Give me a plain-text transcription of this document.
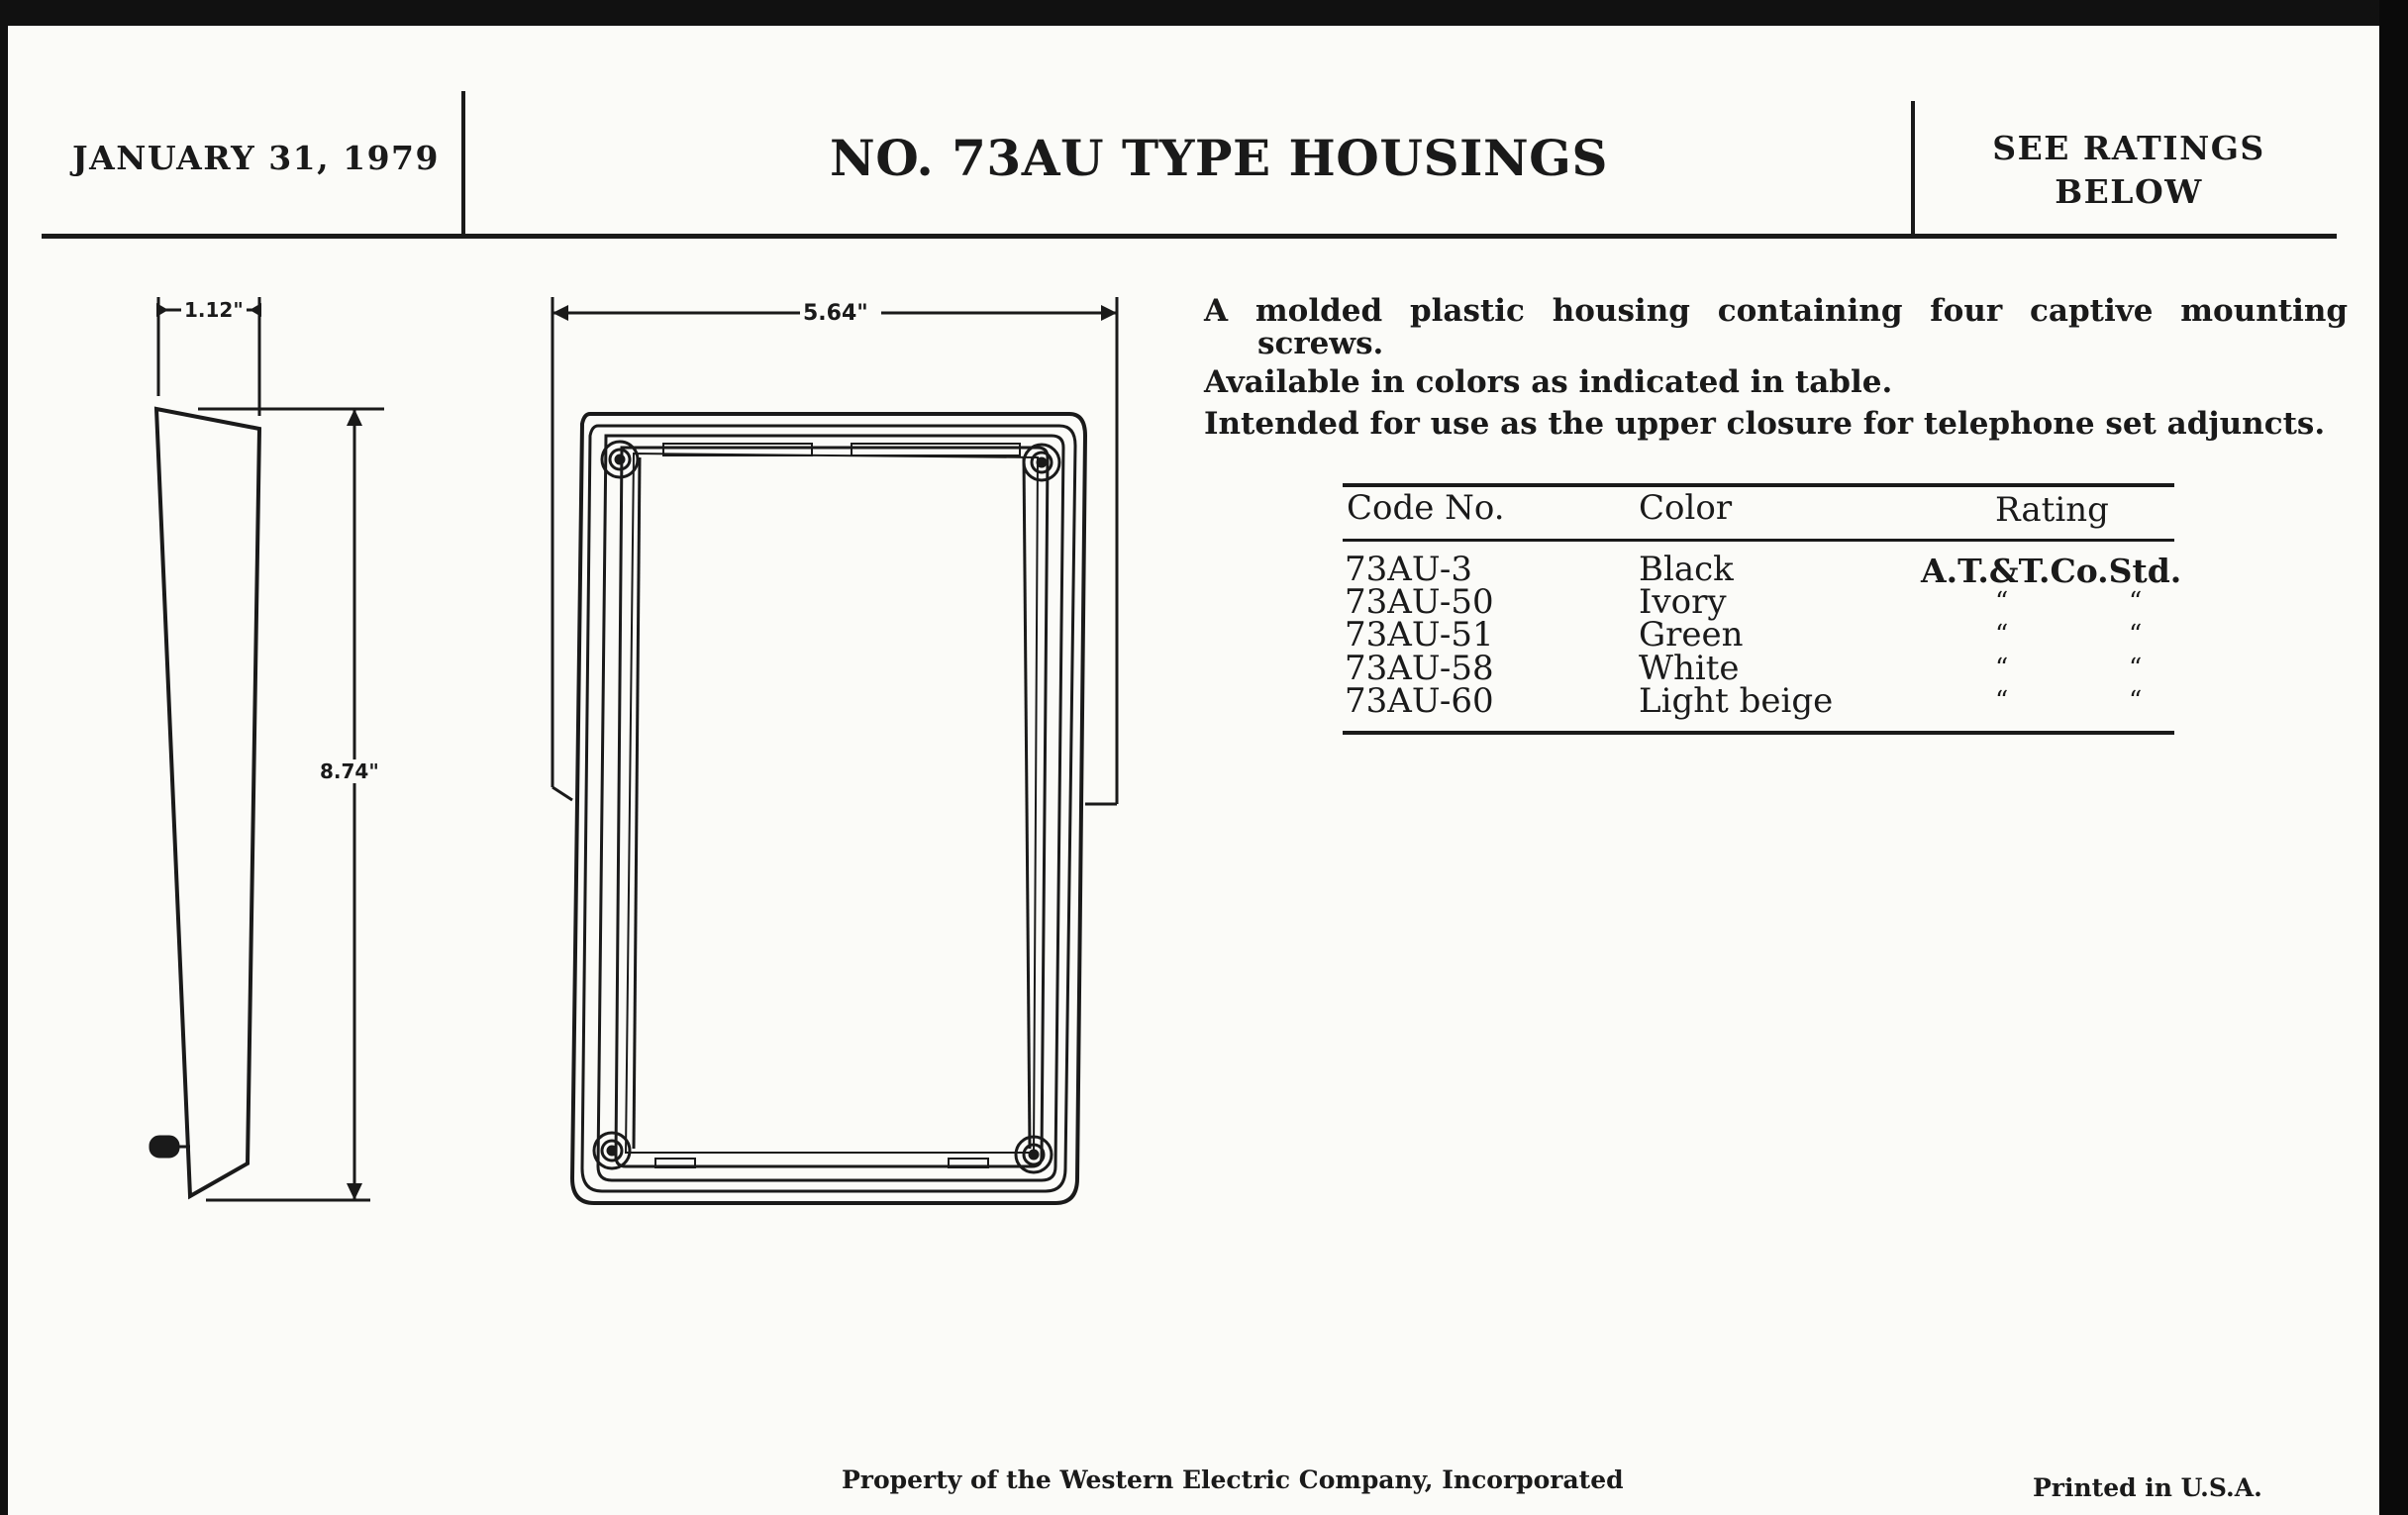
JANUARY 31, 1979	NO. 73AU TYPE HOUSINGS	SEE RATINGS
BELOW
1.12"
8.74"
5.64"	A molded plastic housing containing four captive mounting
screws.
Available in colors as indicated in table.
Intended for use as the upper closure for telephone set adjuncts.
Code No.	Color	Rating
73AU-3	Black	A.T.&T.Co.Std.
73AU-50	Ivory	“	“
73AU-51	Green	“	“
73AU-58	White	“	“
73AU-60	Light beige	“	“
Property of the Western Electric Company, Incorporated	Printed in U.S.A.
